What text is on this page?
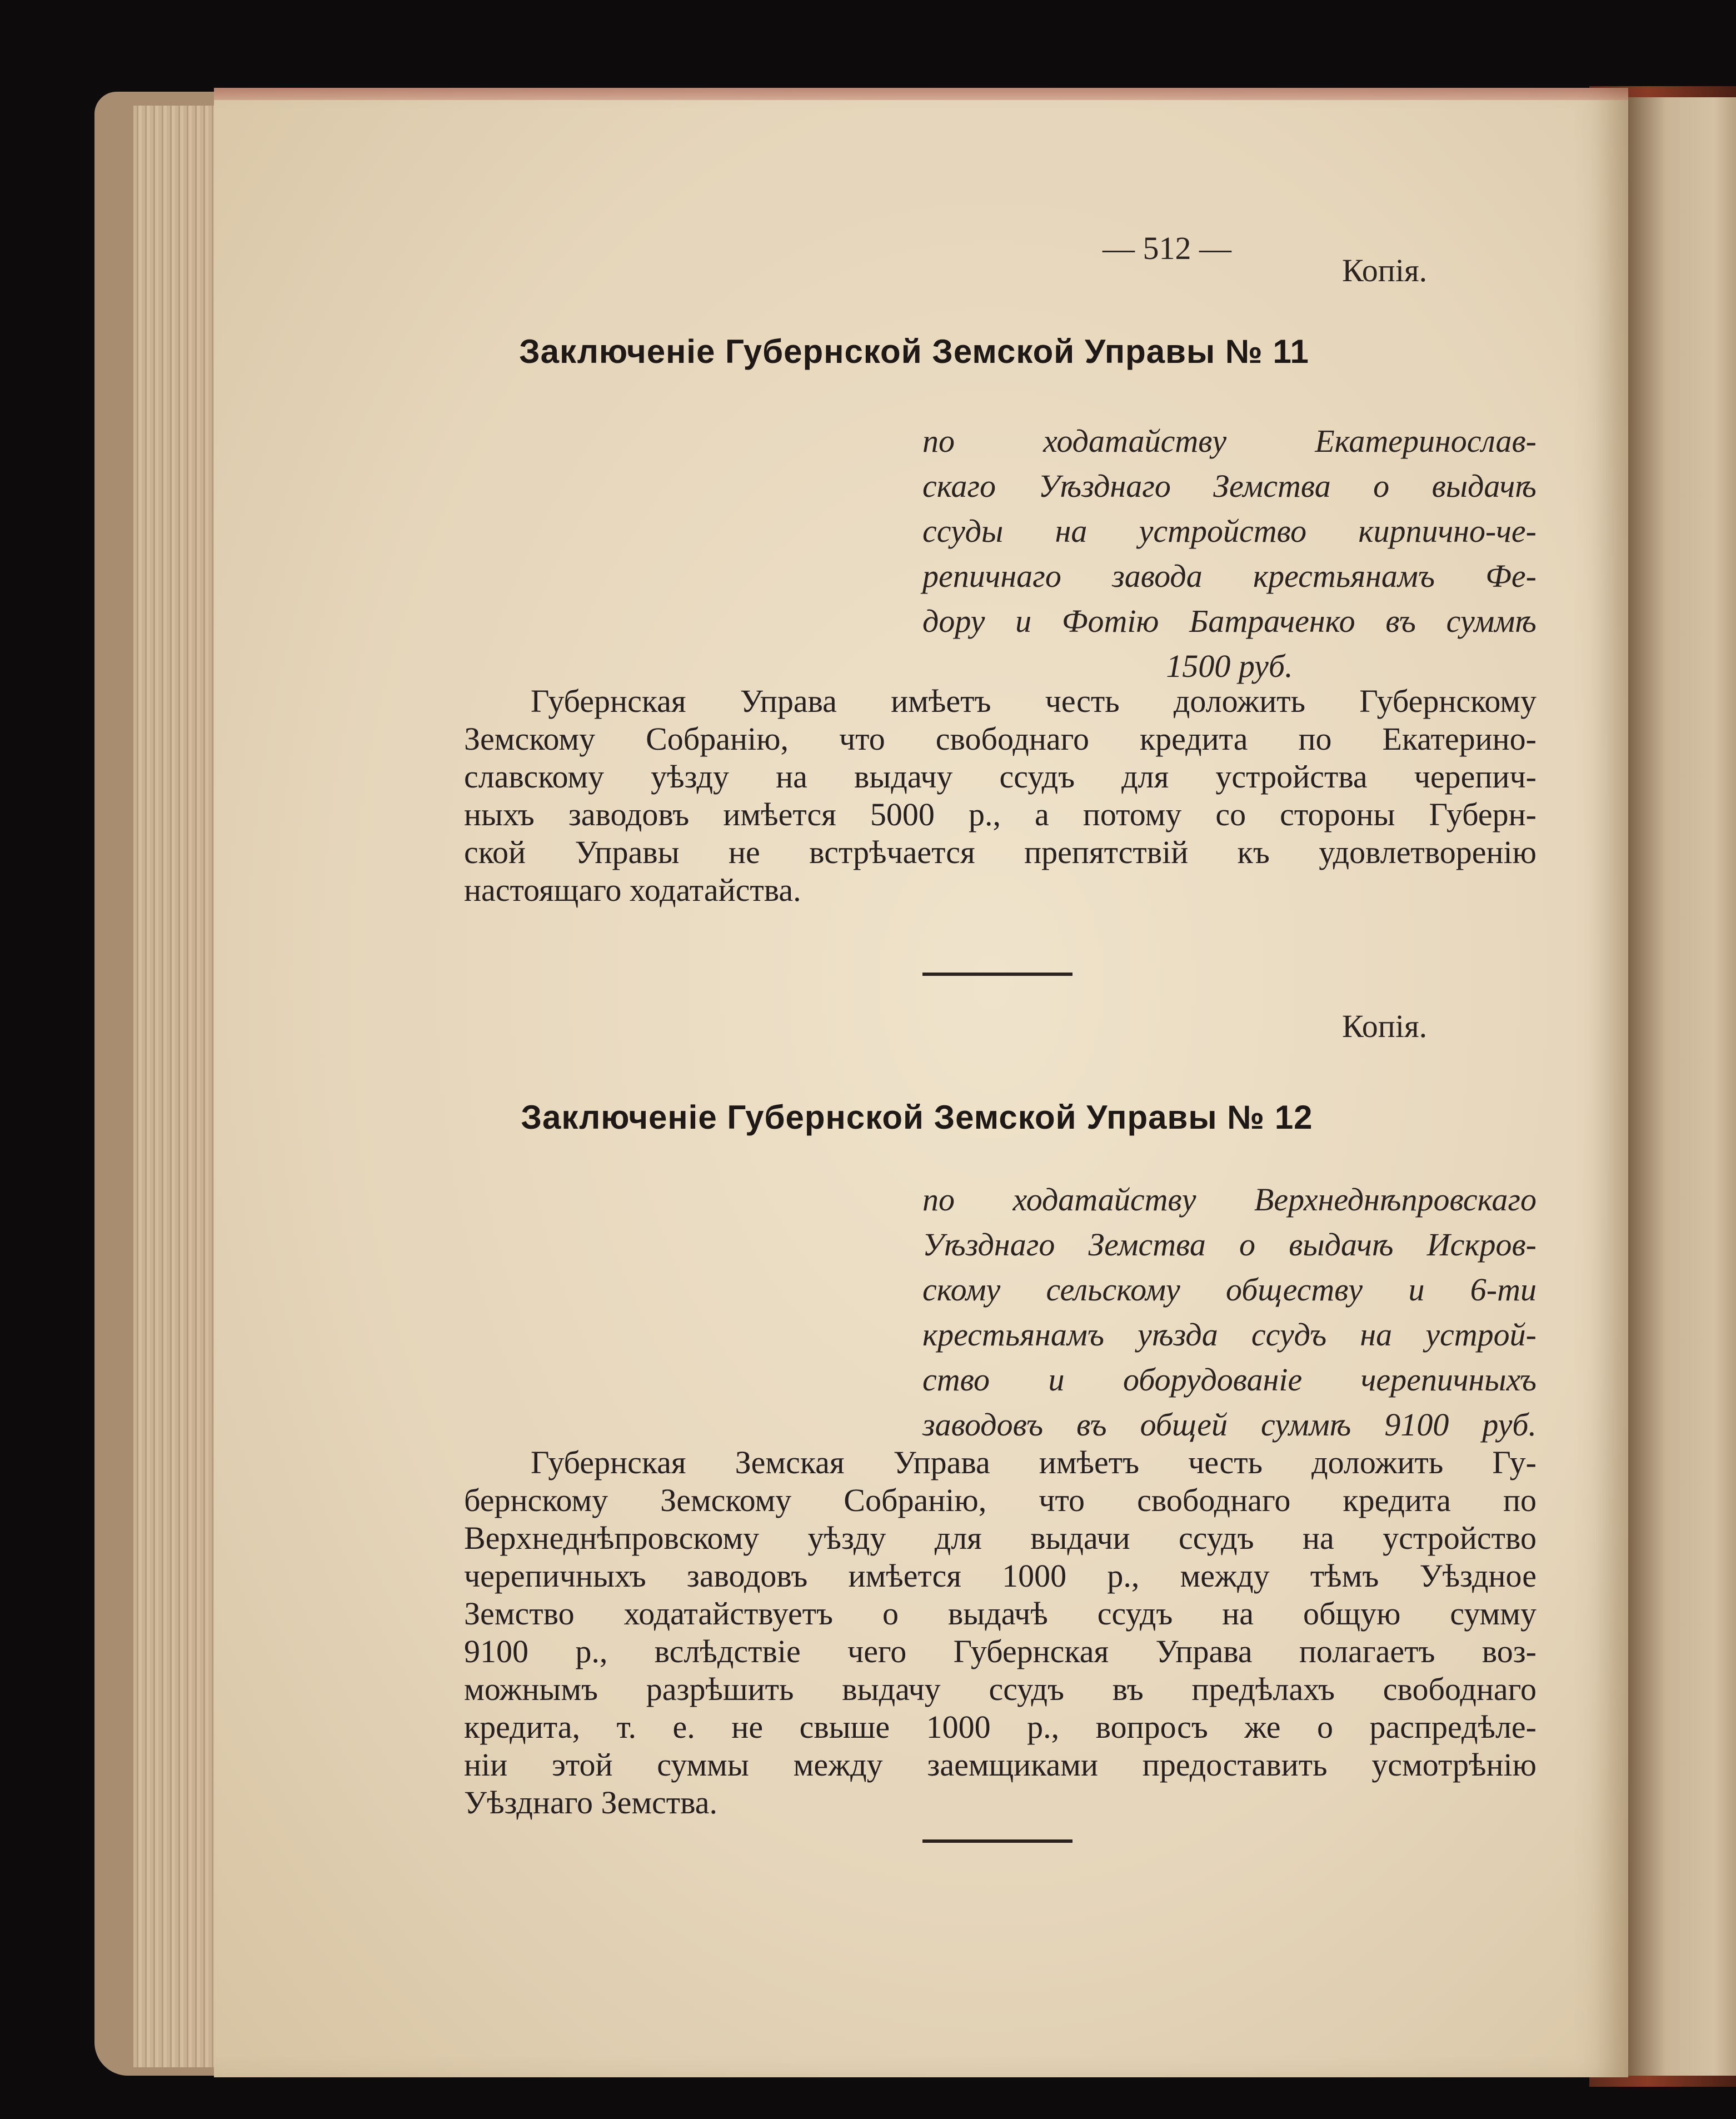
— 512 —
Копія.
Заключеніе Губернской Земской Управы № 11
по ходатайству Екатеринослав-
скаго Уѣзднаго Земства о выдачѣ
ссуды на устройство кирпично-че-
репичнаго завода крестьянамъ Фе-
дору и Фотію Батраченко въ суммѣ
1500 руб.
Губернская Управа имѣетъ честь доложить Губернскому
Земскому Собранію, что свободнаго кредита по Екатерино-
славскому уѣзду на выдачу ссудъ для устройства черепич-
ныхъ заводовъ имѣется 5000 р., а потому со стороны Губерн-
ской Управы не встрѣчается препятствій къ удовлетворенію
настоящаго ходатайства.
Копія.
Заключеніе Губернской Земской Управы № 12
по ходатайству Верхнеднѣпровскаго
Уѣзднаго Земства о выдачѣ Искров-
скому сельскому обществу и 6-ти
крестьянамъ уѣзда ссудъ на устрой-
ство и оборудованіе черепичныхъ
заводовъ въ общей суммѣ 9100 руб.
Губернская Земская Управа имѣетъ честь доложить Гу-
бернскому Земскому Собранію, что свободнаго кредита по
Верхнеднѣпровскому уѣзду для выдачи ссудъ на устройство
черепичныхъ заводовъ имѣется 1000 р., между тѣмъ Уѣздное
Земство ходатайствуетъ о выдачѣ ссудъ на общую сумму
9100 р., вслѣдствіе чего Губернская Управа полагаетъ воз-
можнымъ разрѣшить выдачу ссудъ въ предѣлахъ свободнаго
кредита, т. е. не свыше 1000 р., вопросъ же о распредѣле-
ніи этой суммы между заемщиками предоставить усмотрѣнію
Уѣзднаго Земства.
